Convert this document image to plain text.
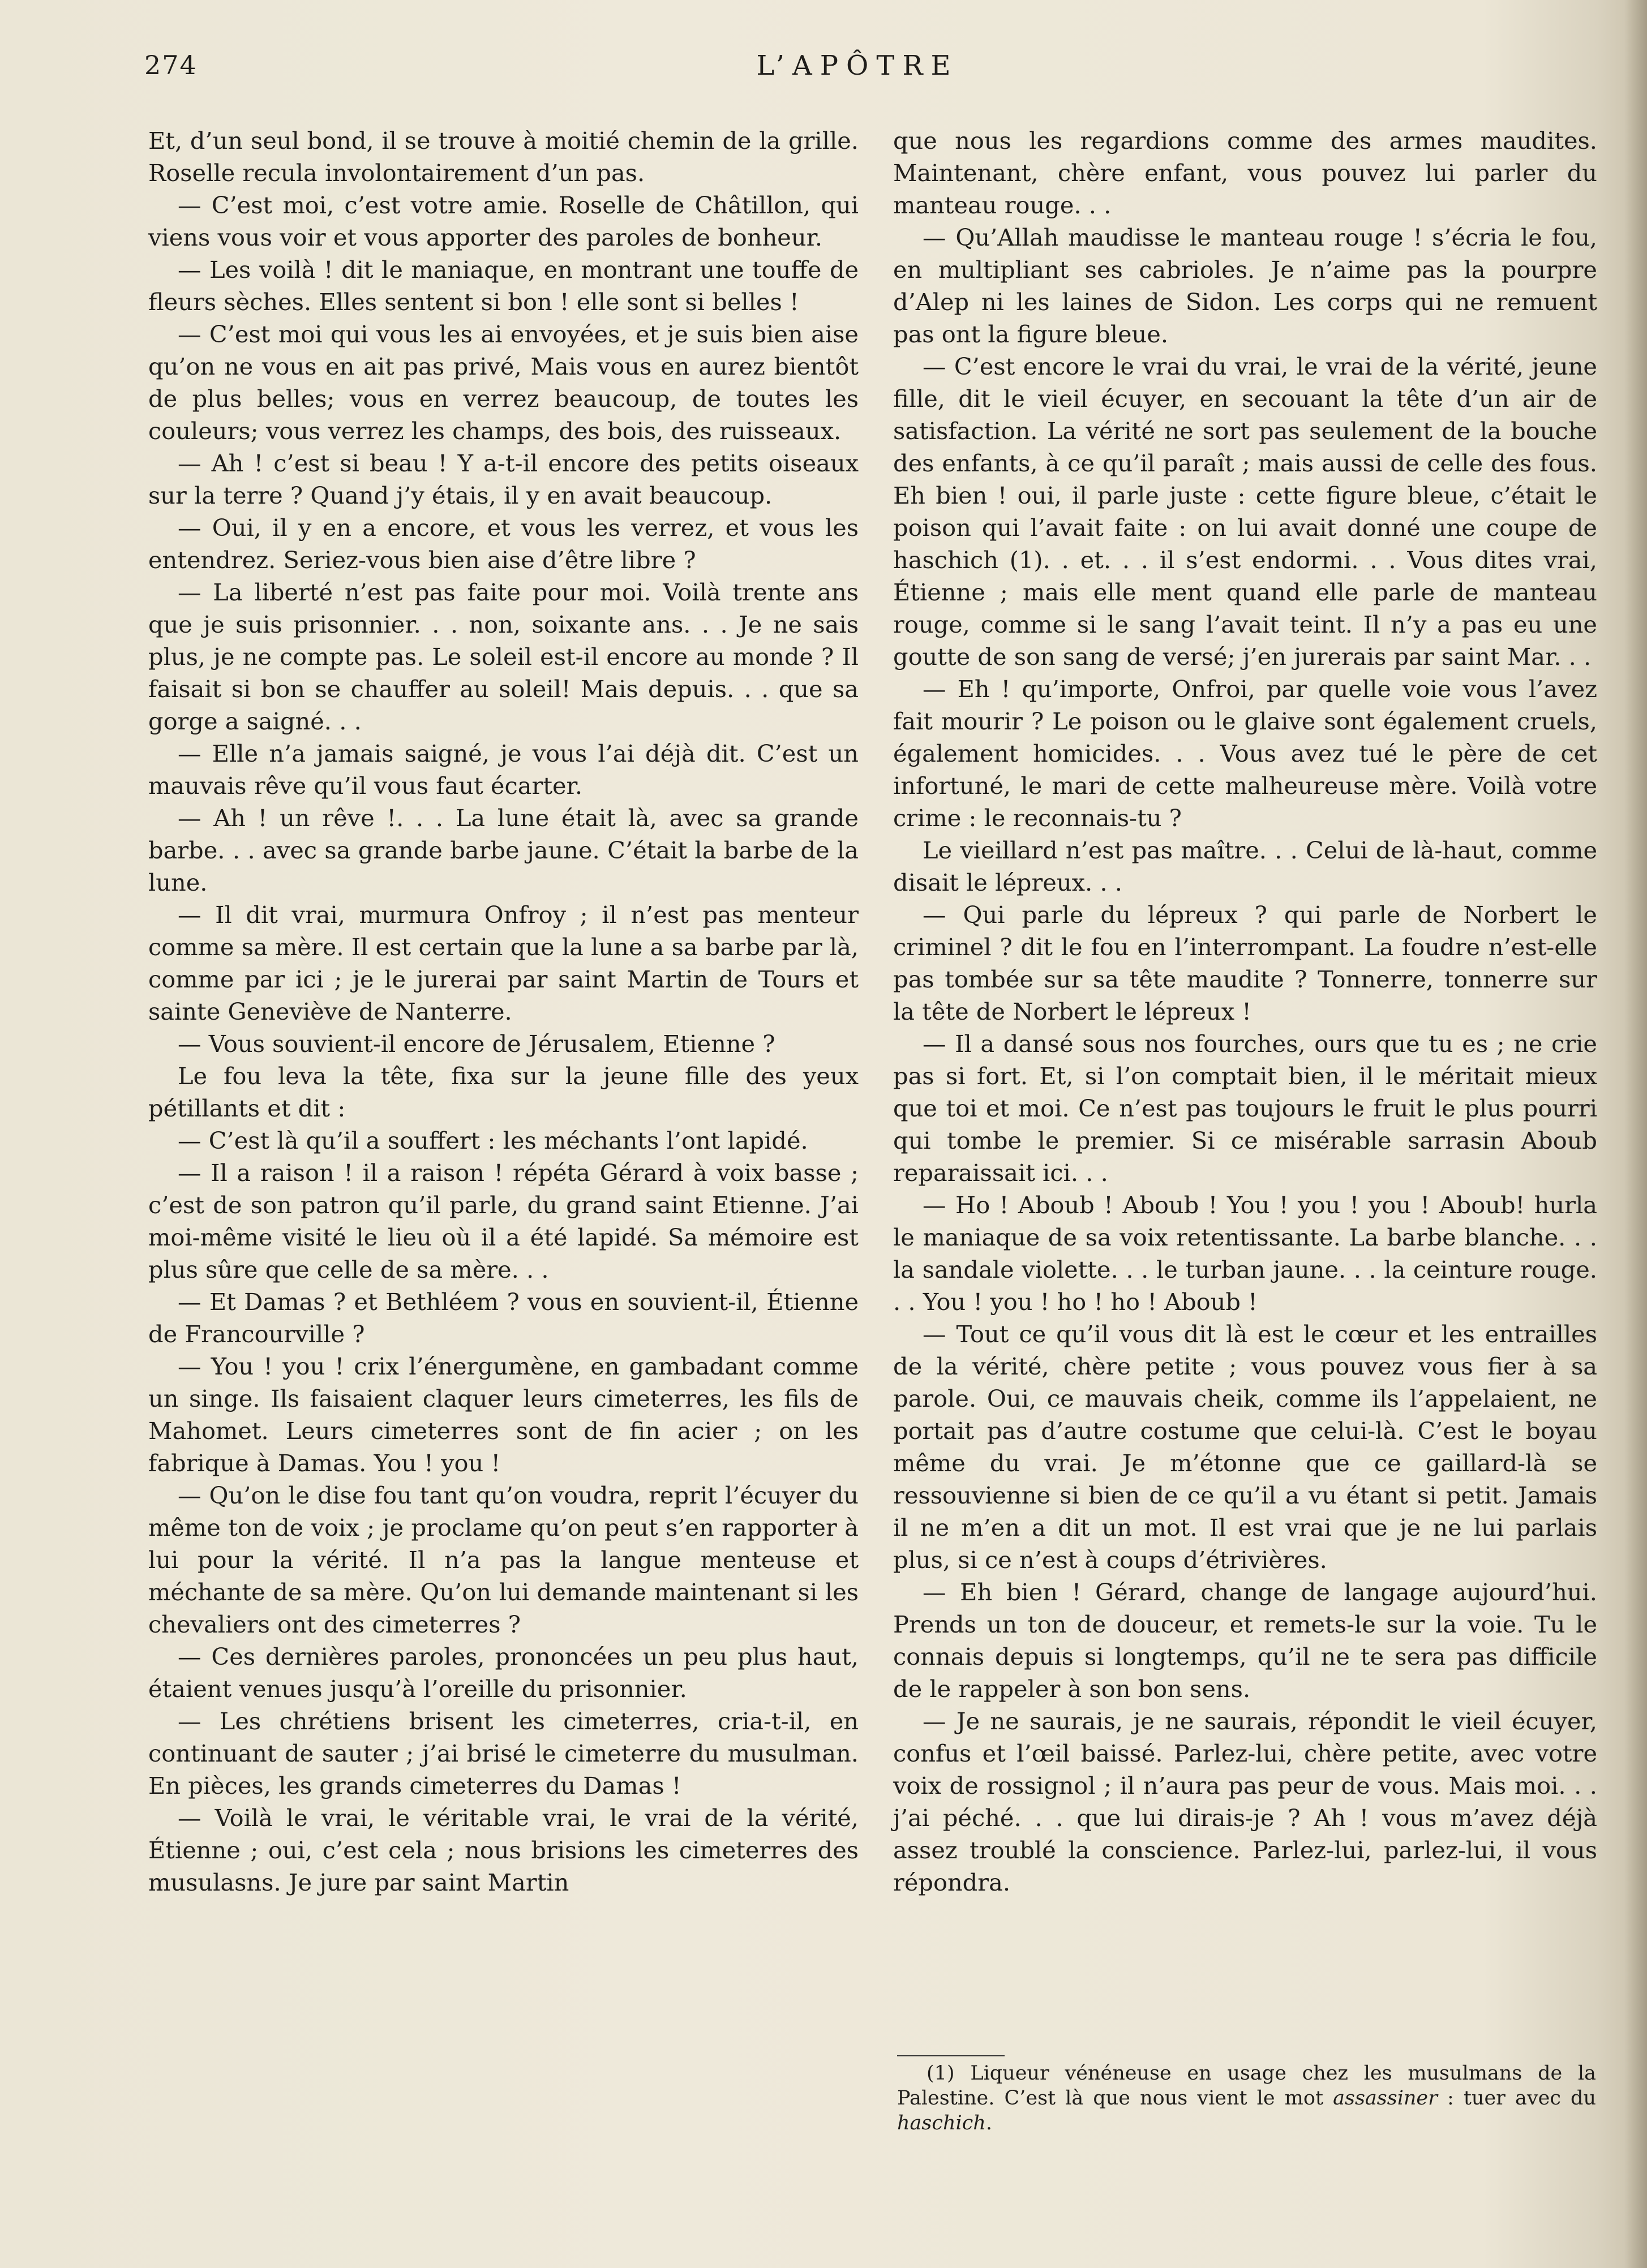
274	L’APÔTRE

Et, d’un seul bond, il se trouve à moitié chemin de la grille. Roselle recula involontairement d’un pas.

— C’est moi, c’est votre amie. Roselle de Châtillon, qui viens vous voir et vous apporter des paroles de bonheur.

— Les voilà ! dit le maniaque, en montrant une touffe de fleurs sèches. Elles sentent si bon ! elle sont si belles !

— C’est moi qui vous les ai envoyées, et je suis bien aise qu’on ne vous en ait pas privé, Mais vous en aurez bientôt de plus belles; vous en verrez beaucoup, de toutes les couleurs; vous verrez les champs, des bois, des ruisseaux.

— Ah ! c’est si beau ! Y a-t-il encore des petits oiseaux sur la terre ? Quand j’y étais, il y en avait beaucoup.

— Oui, il y en a encore, et vous les verrez, et vous les entendrez. Seriez-vous bien aise d’être libre ?

— La liberté n’est pas faite pour moi. Voilà trente ans que je suis prisonnier. . . non, soixante ans. . . Je ne sais plus, je ne compte pas. Le soleil est-il encore au monde ? Il faisait si bon se chauffer au soleil! Mais depuis. . . que sa gorge a saigné. . .

— Elle n’a jamais saigné, je vous l’ai déjà dit. C’est un mauvais rêve qu’il vous faut écarter.

— Ah ! un rêve !. . . La lune était là, avec sa grande barbe. . . avec sa grande barbe jaune. C’était la barbe de la lune.

— Il dit vrai, murmura Onfroy ; il n’est pas menteur comme sa mère. Il est certain que la lune a sa barbe par là, comme par ici ; je le jurerai par saint Martin de Tours et sainte Geneviève de Nanterre.

— Vous souvient-il encore de Jérusalem, Etienne ?

Le fou leva la tête, fixa sur la jeune fille des yeux pétillants et dit :

— C’est là qu’il a souffert : les méchants l’ont lapidé.

— Il a raison ! il a raison ! répéta Gérard à voix basse ; c’est de son patron qu’il parle, du grand saint Etienne. J’ai moi-même visité le lieu où il a été lapidé. Sa mémoire est plus sûre que celle de sa mère. . .

— Et Damas ? et Bethléem ? vous en souvient-il, Étienne de Francourville ?

— You ! you ! crix l’énergumène, en gambadant comme un singe. Ils faisaient claquer leurs cimeterres, les fils de Mahomet. Leurs cimeterres sont de fin acier ; on les fabrique à Damas. You ! you !

— Qu’on le dise fou tant qu’on voudra, reprit l’écuyer du même ton de voix ; je proclame qu’on peut s’en rapporter à lui pour la vérité. Il n’a pas la langue menteuse et méchante de sa mère. Qu’on lui demande maintenant si les chevaliers ont des cimeterres ?

— Ces dernières paroles, prononcées un peu plus haut, étaient venues jusqu’à l’oreille du prisonnier.

— Les chrétiens brisent les cimeterres, cria-t-il, en continuant de sauter ; j’ai brisé le cimeterre du musulman. En pièces, les grands cimeterres du Damas !

— Voilà le vrai, le véritable vrai, le vrai de la vérité, Étienne ; oui, c’est cela ; nous brisions les cimeterres des musulasns. Je jure par saint Martin

que nous les regardions comme des armes maudites. Maintenant, chère enfant, vous pouvez lui parler du manteau rouge. . .

— Qu’Allah maudisse le manteau rouge ! s’écria le fou, en multipliant ses cabrioles. Je n’aime pas la pourpre d’Alep ni les laines de Sidon. Les corps qui ne remuent pas ont la figure bleue.

— C’est encore le vrai du vrai, le vrai de la vérité, jeune fille, dit le vieil écuyer, en secouant la tête d’un air de satisfaction. La vérité ne sort pas seulement de la bouche des enfants, à ce qu’il paraît ; mais aussi de celle des fous. Eh bien ! oui, il parle juste : cette figure bleue, c’était le poison qui l’avait faite : on lui avait donné une coupe de haschich (1). . et. . . il s’est endormi. . . Vous dites vrai, Étienne ; mais elle ment quand elle parle de manteau rouge, comme si le sang l’avait teint. Il n’y a pas eu une goutte de son sang de versé; j’en jurerais par saint Mar. . .

— Eh ! qu’importe, Onfroi, par quelle voie vous l’avez fait mourir ? Le poison ou le glaive sont également cruels, également homicides. . . Vous avez tué le père de cet infortuné, le mari de cette malheureuse mère. Voilà votre crime : le reconnais-tu ?

Le vieillard n’est pas maître. . . Celui de là-haut, comme disait le lépreux. . .

— Qui parle du lépreux ? qui parle de Norbert le criminel ? dit le fou en l’interrompant. La foudre n’est-elle pas tombée sur sa tête maudite ? Tonnerre, tonnerre sur la tête de Norbert le lépreux !

— Il a dansé sous nos fourches, ours que tu es ; ne crie pas si fort. Et, si l’on comptait bien, il le méritait mieux que toi et moi. Ce n’est pas toujours le fruit le plus pourri qui tombe le premier. Si ce misérable sarrasin Aboub reparaissait ici. . .

— Ho ! Aboub ! Aboub ! You ! you ! you ! Aboub! hurla le maniaque de sa voix retentissante. La barbe blanche. . . la sandale violette. . . le turban jaune. . . la ceinture rouge. . . You ! you ! ho ! ho ! Aboub !

— Tout ce qu’il vous dit là est le cœur et les entrailles de la vérité, chère petite ; vous pouvez vous fier à sa parole. Oui, ce mauvais cheik, comme ils l’appelaient, ne portait pas d’autre costume que celui-là. C’est le boyau même du vrai. Je m’étonne que ce gaillard-là se ressouvienne si bien de ce qu’il a vu étant si petit. Jamais il ne m’en a dit un mot. Il est vrai que je ne lui parlais plus, si ce n’est à coups d’étrivières.

— Eh bien ! Gérard, change de langage aujourd’hui. Prends un ton de douceur, et remets-le sur la voie. Tu le connais depuis si longtemps, qu’il ne te sera pas difficile de le rappeler à son bon sens.

— Je ne saurais, je ne saurais, répondit le vieil écuyer, confus et l’œil baissé. Parlez-lui, chère petite, avec votre voix de rossignol ; il n’aura pas peur de vous. Mais moi. . . j’ai péché. . . que lui dirais-je ? Ah ! vous m’avez déjà assez troublé la conscience. Parlez-lui, parlez-lui, il vous répondra.

(1) Liqueur vénéneuse en usage chez les musulmans de la Palestine. C’est là que nous vient le mot assassiner : tuer avec du haschich.
